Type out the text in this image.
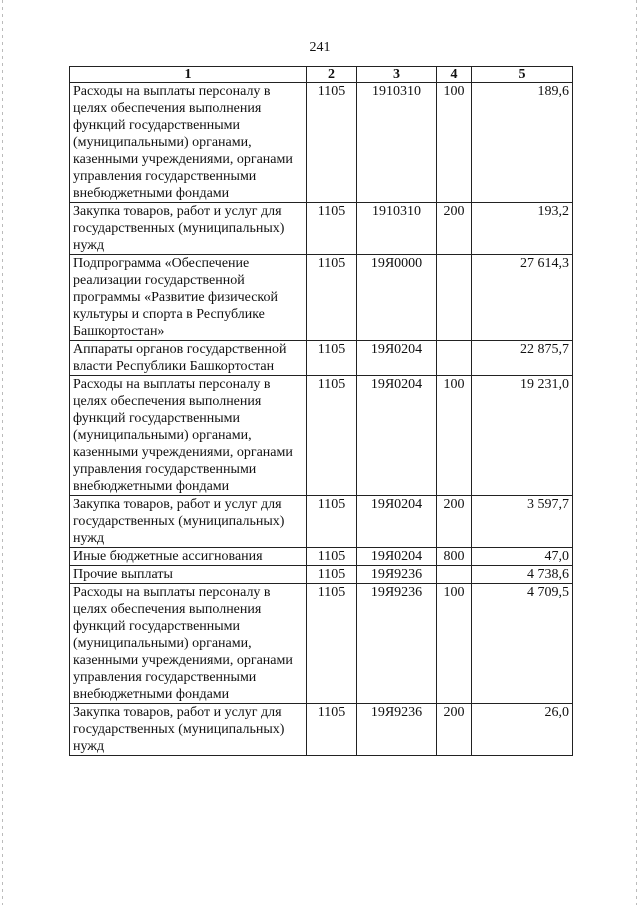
241
1	2	3	4	5
Расходы на выплаты персоналу в целях обеспечения выполнения функций государственными (муниципальными) органами, казенными учреждениями, органами управления государственными внебюджетными фондами	1105	1910310	100	189,6
Закупка товаров, работ и услуг для государственных (муниципальных) нужд	1105	1910310	200	193,2
Подпрограмма «Обеспечение реализации государственной программы «Развитие физической культуры и спорта в Республике Башкортостан»	1105	19Я0000		27 614,3
Аппараты органов государственной власти Республики Башкортостан	1105	19Я0204		22 875,7
Расходы на выплаты персоналу в целях обеспечения выполнения функций государственными (муниципальными) органами, казенными учреждениями, органами управления государственными внебюджетными фондами	1105	19Я0204	100	19 231,0
Закупка товаров, работ и услуг для государственных (муниципальных) нужд	1105	19Я0204	200	3 597,7
Иные бюджетные ассигнования	1105	19Я0204	800	47,0
Прочие выплаты	1105	19Я9236		4 738,6
Расходы на выплаты персоналу в целях обеспечения выполнения функций государственными (муниципальными) органами, казенными учреждениями, органами управления государственными внебюджетными фондами	1105	19Я9236	100	4 709,5
Закупка товаров, работ и услуг для государственных (муниципальных) нужд	1105	19Я9236	200	26,0
